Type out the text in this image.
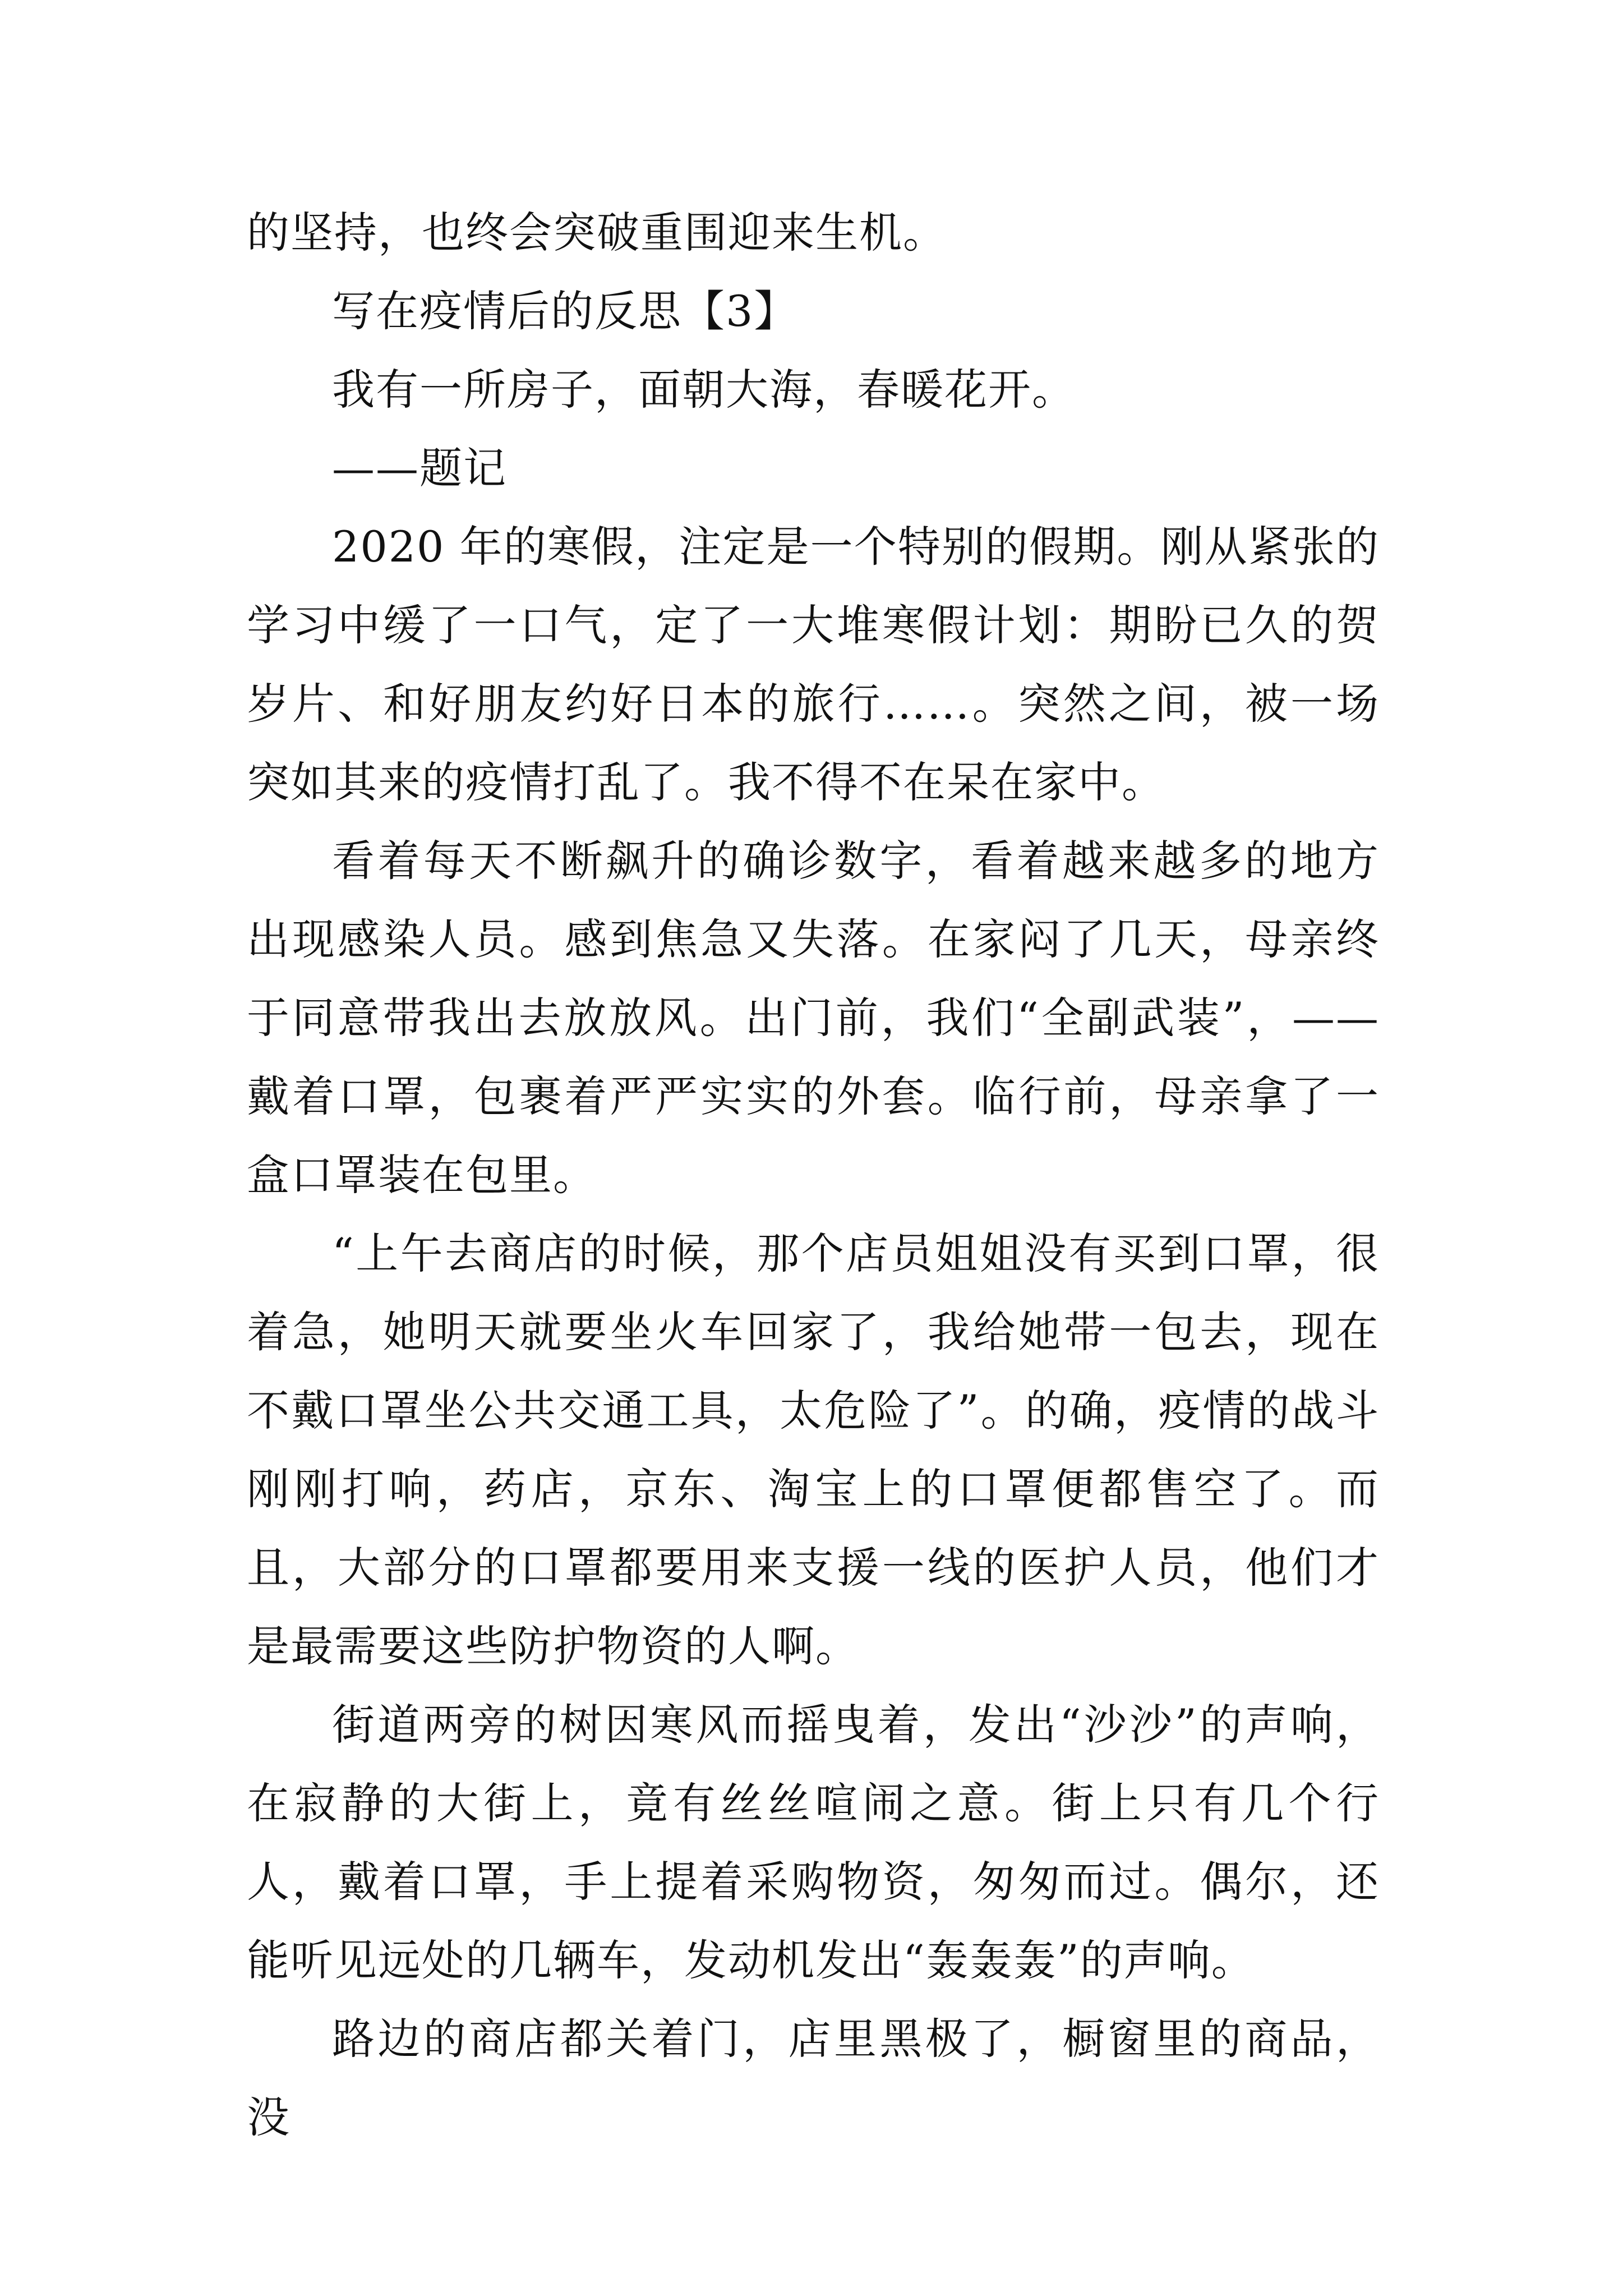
的坚持，也终会突破重围迎来生机。

写在疫情后的反思【3】

我有一所房子，面朝大海，春暖花开。

——题记

2020 年的寒假，注定是一个特别的假期。刚从紧张的学习中缓了一口气，定了一大堆寒假计划：期盼已久的贺岁片、和好朋友约好日本的旅行……。突然之间，被一场突如其来的疫情打乱了。我不得不在呆在家中。

看着每天不断飙升的确诊数字，看着越来越多的地方出现感染人员。感到焦急又失落。在家闷了几天，母亲终于同意带我出去放放风。出门前，我们“全副武装”，——戴着口罩，包裹着严严实实的外套。临行前，母亲拿了一盒口罩装在包里。

“上午去商店的时候，那个店员姐姐没有买到口罩，很着急，她明天就要坐火车回家了，我给她带一包去，现在不戴口罩坐公共交通工具，太危险了”。的确，疫情的战斗刚刚打响，药店，京东、淘宝上的口罩便都售空了。而且，大部分的口罩都要用来支援一线的医护人员，他们才是最需要这些防护物资的人啊。

街道两旁的树因寒风而摇曳着，发出“沙沙”的声响，在寂静的大街上，竟有丝丝喧闹之意。街上只有几个行人，戴着口罩，手上提着采购物资，匆匆而过。偶尔，还能听见远处的几辆车，发动机发出“轰轰轰”的声响。

路边的商店都关着门，店里黑极了，橱窗里的商品，没
